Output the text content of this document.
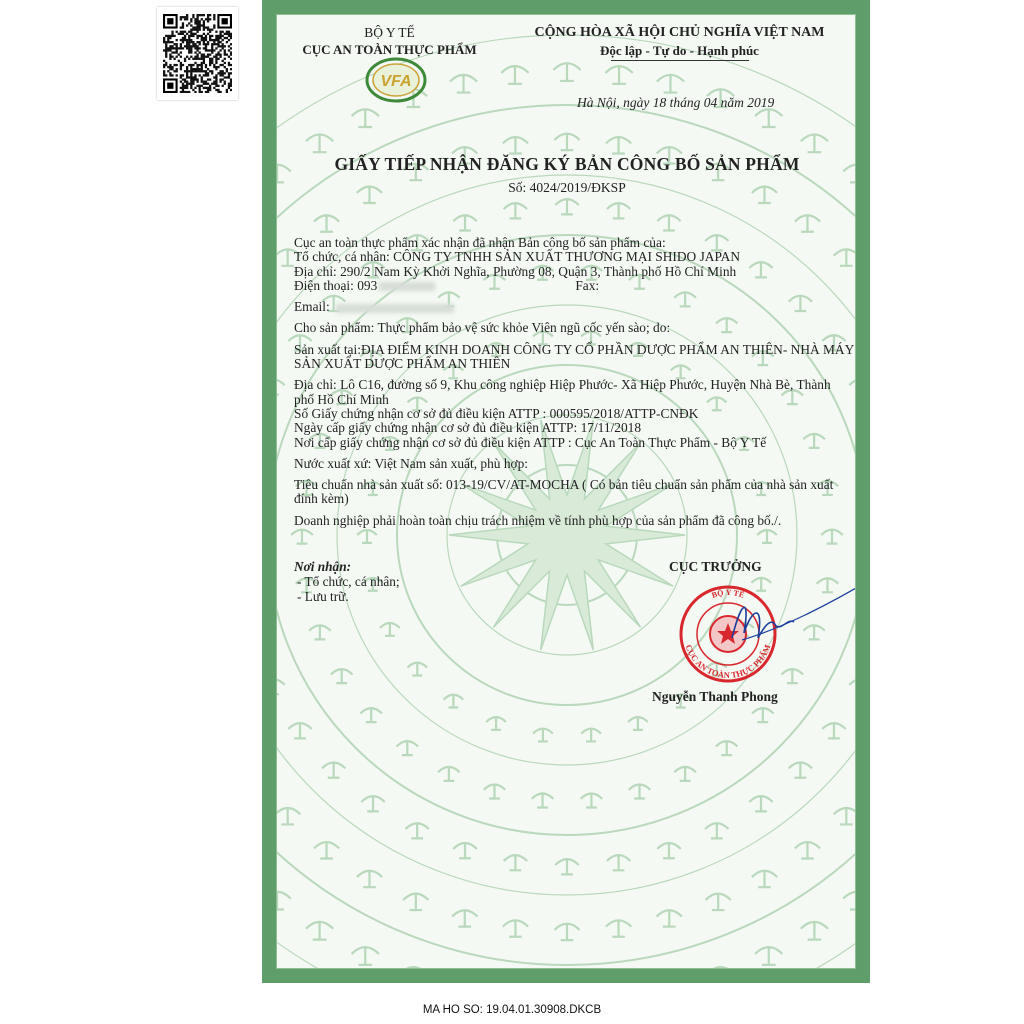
BỘ Y TẾ
CỤC AN TOÀN THỰC PHẨM
VFA
CỘNG HÒA XÃ HỘI CHỦ NGHĨA VIỆT NAM
Độc lập - Tự do - Hạnh phúc
Hà Nội, ngày 18 tháng 04 năm 2019
GIẤY TIẾP NHẬN ĐĂNG KÝ BẢN CÔNG BỐ SẢN PHẨM
Số: 4024/2019/ĐKSP

Cục an toàn thực phẩm xác nhận đã nhận Bản công bố sản phẩm của:

Tổ chức, cá nhân: CÔNG TY TNHH SẢN XUẤT THƯƠNG MẠI SHIDO JAPAN

Địa chỉ: 290/2 Nam Kỳ Khởi Nghĩa, Phường 08, Quận 3, Thành phố Hồ Chí Minh

Điện thoại: 093	Fax:

Email:

Cho sản phẩm: Thực phẩm bảo vệ sức khỏe Viên ngũ cốc yến sào; do:

Sản xuất tại:ĐỊA ĐIỂM KINH DOANH CÔNG TY CỔ PHẦN DƯỢC PHẨM AN THIÊN- NHÀ MÁY SẢN XUẤT DƯỢC PHẨM AN THIÊN

Địa chỉ: Lô C16, đường số 9, Khu công nghiệp Hiệp Phước- Xã Hiệp Phước, Huyện Nhà Bè, Thành phố Hồ Chí Minh

Số Giấy chứng nhận cơ sở đủ điều kiện ATTP : 000595/2018/ATTP-CNĐK

Ngày cấp giấy chứng nhận cơ sở đủ điều kiện ATTP: 17/11/2018

Nơi cấp giấy chứng nhận cơ sở đủ điều kiện ATTP : Cục An Toàn Thực Phẩm - Bộ Y Tế

Nước xuất xứ: Việt Nam sản xuất, phù hợp:

Tiêu chuẩn nhà sản xuất số: 013-19/CV/AT-MOCHA ( Có bản tiêu chuẩn sản phẩm của nhà sản xuất đính kèm)

Doanh nghiệp phải hoàn toàn chịu trách nhiệm về tính phù hợp của sản phẩm đã công bố./.

Nơi nhận:
- Tổ chức, cá nhân;
- Lưu trữ.
CỤC TRƯỞNG
BỘ Y TẾ
CỤC AN TOÀN THỰC PHẨM
Nguyễn Thanh Phong
MA HO SO: 19.04.01.30908.DKCB
